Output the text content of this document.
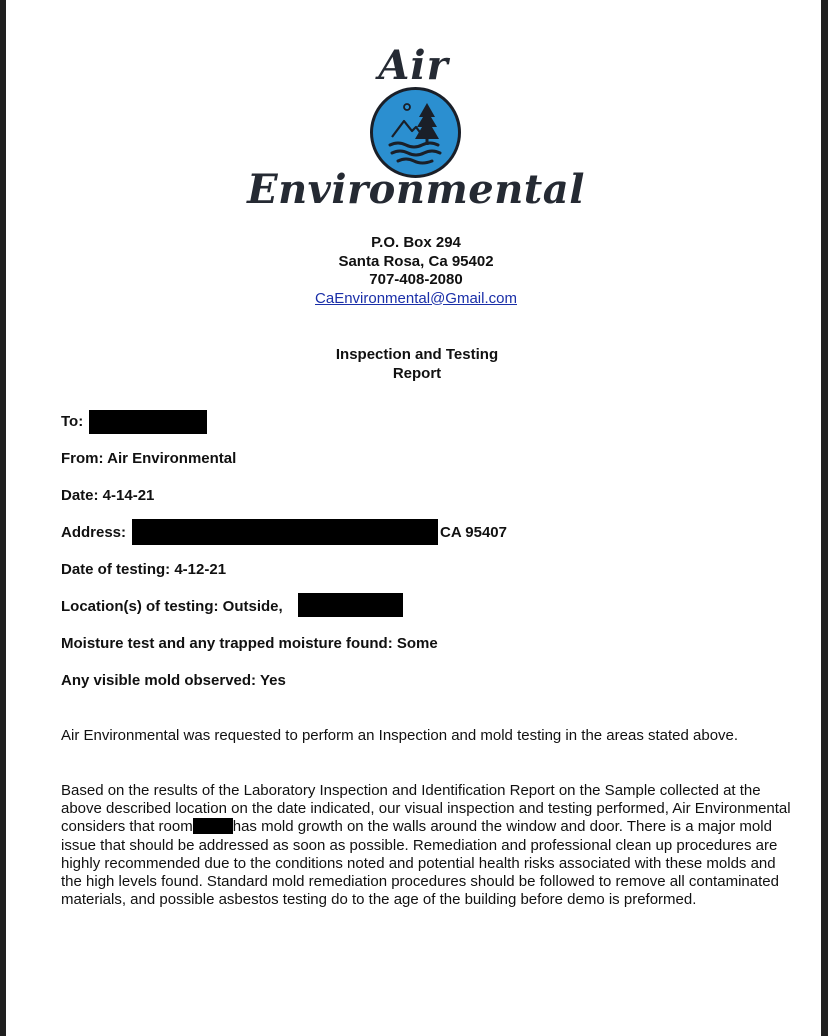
Air
Environmental
P.O. Box 294
Santa Rosa, Ca 95402
707-408-2080
CaEnvironmental@Gmail.com
Inspection and Testing
Report
To:
From: Air Environmental
Date: 4-14-21
Address:	CA 95407
Date of testing: 4-12-21
Location(s) of testing: Outside,
Moisture test and any trapped moisture found: Some
Any visible mold observed: Yes
Air Environmental was requested to perform an Inspection and mold testing in the areas stated above.
Based on the results of the Laboratory Inspection and Identification Report on the Sample collected at the above described location on the date indicated, our visual inspection and testing performed, Air Environmental considers that room	has mold growth on the walls around the window and door. There is a major mold issue that should be addressed as soon as possible. Remediation and professional clean up procedures are highly recommended due to the conditions noted and potential health risks associated with these molds and the high levels found. Standard mold remediation procedures should be followed to remove all contaminated materials, and possible asbestos testing do to the age of the building before demo is preformed.
